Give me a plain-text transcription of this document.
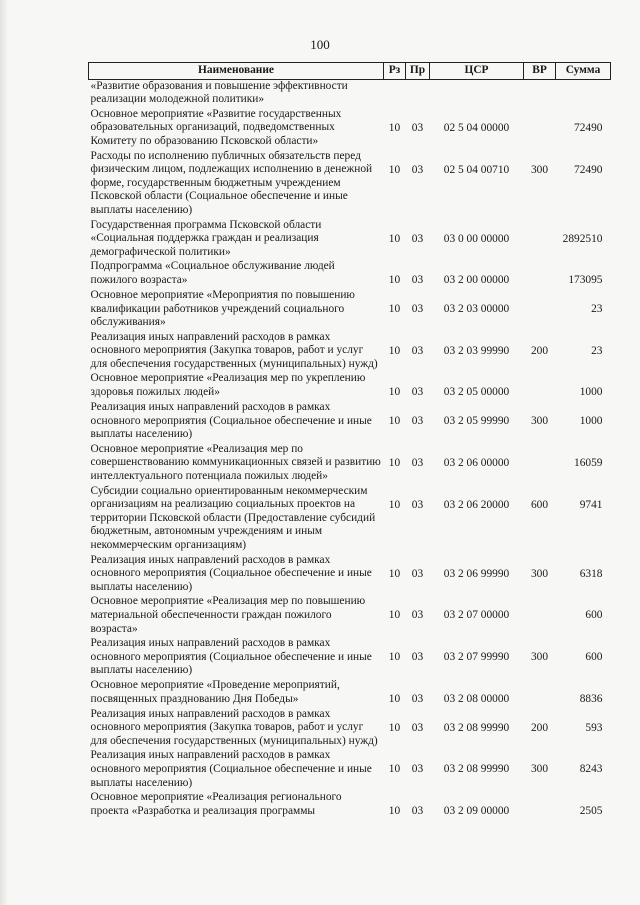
100
Наименование	Рз	Пр	ЦСР	ВР	Сумма
«Развитие образования и повышение эффективности реализации молодежной политики»					
Основное мероприятие «Развитие государственных образовательных организаций, подведомственных Комитету по образованию Псковской области»	10	03	02 5 04 00000		72490
Расходы по исполнению публичных обязательств перед физическим лицом, подлежащих исполнению в денежной форме, государственным бюджетным учреждением Псковской области (Социальное обеспечение и иные выплаты населению)	10	03	02 5 04 00710	300	72490
Государственная программа Псковской области «Социальная поддержка граждан и реализация демографической политики»	10	03	03 0 00 00000		2892510
Подпрограмма «Социальное обслуживание людей пожилого возраста»	10	03	03 2 00 00000		173095
Основное мероприятие «Мероприятия по повышению квалификации работников учреждений социального обслуживания»	10	03	03 2 03 00000		23
Реализация иных направлений расходов в рамках основного мероприятия (Закупка товаров, работ и услуг для обеспечения государственных (муниципальных) нужд)	10	03	03 2 03 99990	200	23
Основное мероприятие «Реализация мер по укреплению здоровья пожилых людей»	10	03	03 2 05 00000		1000
Реализация иных направлений расходов в рамках основного мероприятия (Социальное обеспечение и иные выплаты населению)	10	03	03 2 05 99990	300	1000
Основное мероприятие «Реализация мер по совершенствованию коммуникационных связей и развитию интеллектуального потенциала пожилых людей»	10	03	03 2 06 00000		16059
Субсидии социально ориентированным некоммерческим организациям на реализацию социальных проектов на территории Псковской области (Предоставление субсидий бюджетным, автономным учреждениям и иным некоммерческим организациям)	10	03	03 2 06 20000	600	9741
Реализация иных направлений расходов в рамках основного мероприятия (Социальное обеспечение и иные выплаты населению)	10	03	03 2 06 99990	300	6318
Основное мероприятие «Реализация мер по повышению материальной обеспеченности граждан пожилого возраста»	10	03	03 2 07 00000		600
Реализация иных направлений расходов в рамках основного мероприятия (Социальное обеспечение и иные выплаты населению)	10	03	03 2 07 99990	300	600
Основное мероприятие «Проведение мероприятий, посвященных празднованию Дня Победы»	10	03	03 2 08 00000		8836
Реализация иных направлений расходов в рамках основного мероприятия (Закупка товаров, работ и услуг для обеспечения государственных (муниципальных) нужд)	10	03	03 2 08 99990	200	593
Реализация иных направлений расходов в рамках основного мероприятия (Социальное обеспечение и иные выплаты населению)	10	03	03 2 08 99990	300	8243
Основное мероприятие «Реализация регионального проекта «Разработка и реализация программы	10	03	03 2 09 00000		2505
